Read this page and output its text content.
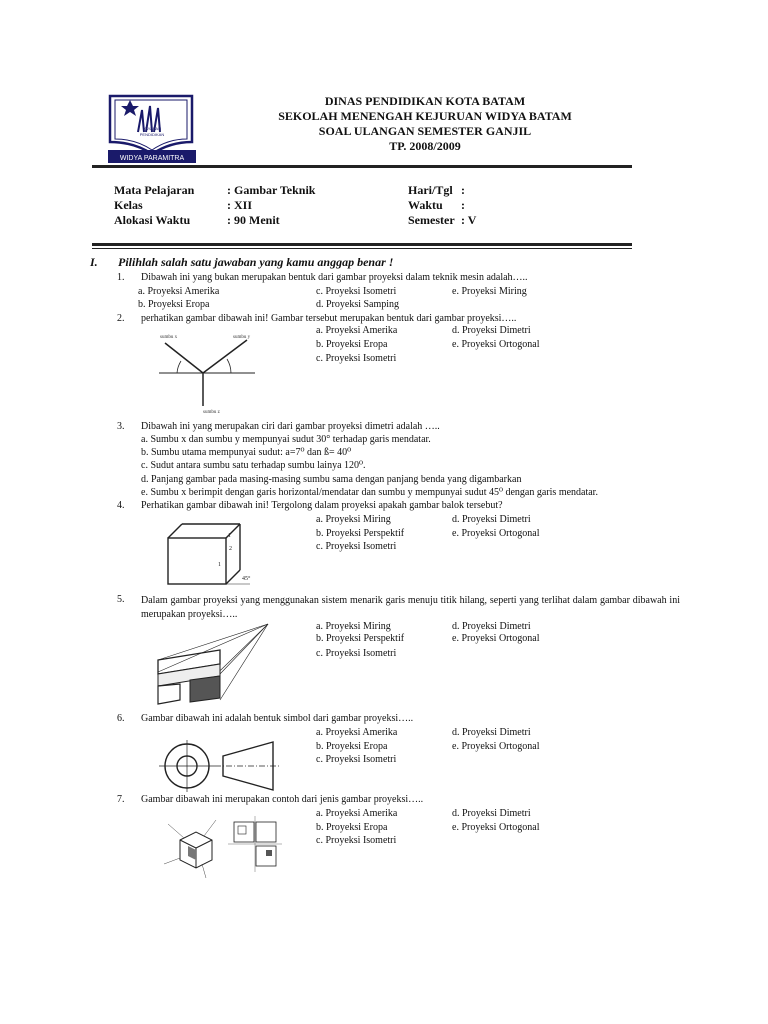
WIDYA PARAMITRA
YAYASAN
PENDIDIKAN
DINAS PENDIDIKAN KOTA BATAM
SEKOLAH MENENGAH KEJURUAN WIDYA BATAM
SOAL ULANGAN SEMESTER GANJIL
TP. 2008/2009
Mata Pelajaran	: Gambar Teknik
Kelas	: XII
Alokasi Waktu	: 90 Menit
Hari/Tgl :
Waktu :
Semester : V
I. Pilihlah salah satu jawaban yang kamu anggap benar !
1. Dibawah ini yang bukan merupakan bentuk dari gambar proyeksi dalam teknik mesin adalah…..
a. Proyeksi Amerika
b. Proyeksi Eropa
c. Proyeksi Isometri
d. Proyeksi Samping
e. Proyeksi Miring
2. perhatikan gambar dibawah ini! Gambar tersebut merupakan bentuk dari gambar proyeksi…..
a. Proyeksi Amerika
b. Proyeksi Eropa
c. Proyeksi Isometri
d. Proyeksi Dimetri
e. Proyeksi Ortogonal
sumbu x	sumbu y
sumbu z
3. Dibawah ini yang merupakan ciri dari gambar proyeksi dimetri adalah …..
a. Sumbu x dan sumbu y mempunyai sudut 30° terhadap garis mendatar.
b. Sumbu utama mempunyai sudut: a=7⁰ dan ß= 40⁰
c. Sudut antara sumbu satu terhadap sumbu lainya 120⁰.
d. Panjang gambar pada masing-masing sumbu sama dengan panjang benda yang digambarkan
e. Sumbu x berimpit dengan garis horizontal/mendatar dan sumbu y mempunyai sudut 45⁰ dengan garis mendatar.
4. Perhatikan gambar dibawah ini! Tergolong dalam proyeksi apakah gambar balok tersebut?
a. Proyeksi Miring
b. Proyeksi Perspektif
c. Proyeksi Isometri
d. Proyeksi Dimetri
e. Proyeksi Ortogonal
1
2
1
45°
5. Dalam gambar proyeksi yang menggunakan sistem menarik garis menuju titik hilang, seperti yang terlihat dalam gambar dibawah ini merupakan proyeksi…..
a. Proyeksi Miring
b. Proyeksi Perspektif
c. Proyeksi Isometri
d. Proyeksi Dimetri
e. Proyeksi Ortogonal
6. Gambar dibawah ini adalah bentuk simbol dari gambar proyeksi…..
a. Proyeksi Amerika
b. Proyeksi Eropa
c. Proyeksi Isometri
d. Proyeksi Dimetri
e. Proyeksi Ortogonal
7. Gambar dibawah ini merupakan contoh dari jenis gambar proyeksi…..
a. Proyeksi Amerika
b. Proyeksi Eropa
c. Proyeksi Isometri
d. Proyeksi Dimetri
e. Proyeksi Ortogonal
